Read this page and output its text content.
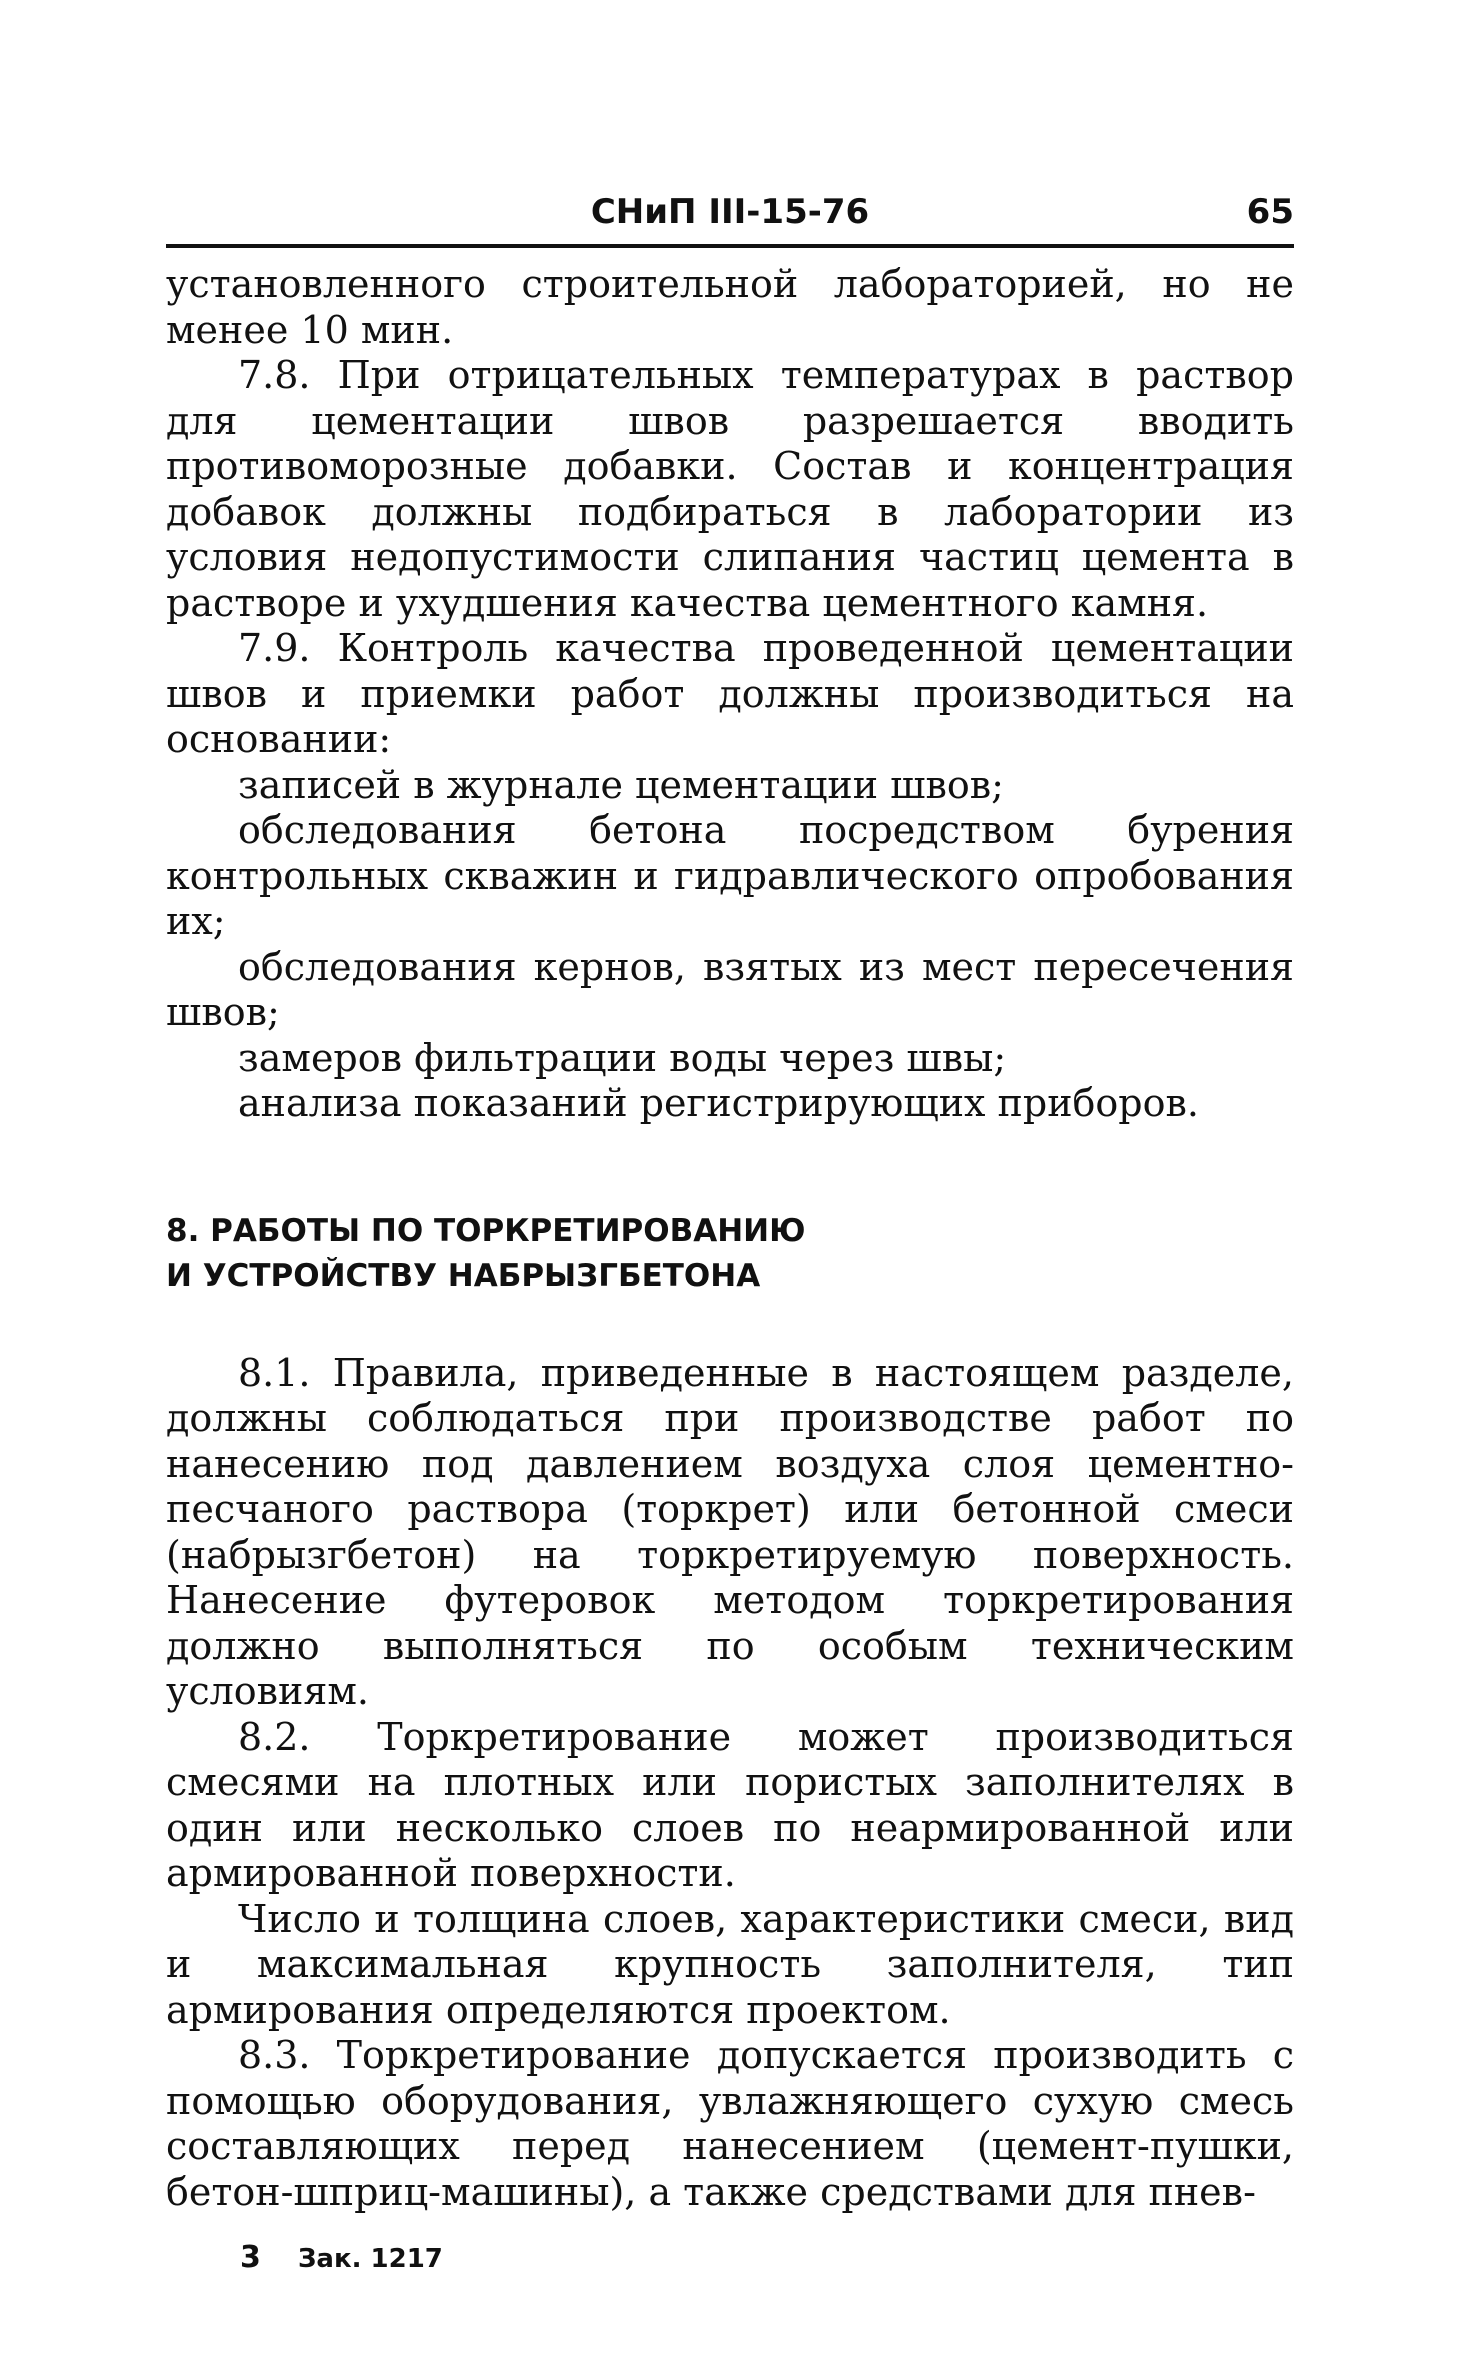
СНиП III-15-76	65

установленного строительной лабораторией, но не менее 10 мин.

7.8. При отрицательных температурах в раствор для цементации швов разрешается вводить противоморозные добавки. Состав и концентрация добавок должны подбираться в лаборатории из условия недопустимости слипания частиц цемента в растворе и ухудшения качества цементного камня.

7.9. Контроль качества проведенной цементации швов и приемки работ должны производиться на основании:

записей в журнале цементации швов;

обследования бетона посредством бурения контрольных скважин и гидравлического опробования их;

обследования кернов, взятых из мест пересечения швов;

замеров фильтрации воды через швы;

анализа показаний регистрирующих приборов.

8. РАБОТЫ ПО ТОРКРЕТИРОВАНИЮ
И УСТРОЙСТВУ НАБРЫЗГБЕТОНА

8.1. Правила, приведенные в настоящем разделе, должны соблюдаться при производстве работ по нанесению под давлением воздуха слоя цементно-песчаного раствора (торкрет) или бетонной смеси (набрызгбетон) на торкретируемую поверхность. Нанесение футеровок методом торкретирования должно выполняться по особым техническим условиям.

8.2. Торкретирование может производиться смесями на плотных или пористых заполнителях в один или несколько слоев по неармированной или армированной поверхности.

Число и толщина слоев, характеристики смеси, вид и максимальная крупность заполнителя, тип армирования определяются проектом.

8.3. Торкретирование допускается производить с помощью оборудования, увлажняющего сухую смесь составляющих перед нанесением (цемент-пушки, бетон-шприц-машины), а также средствами для пнев-

3 Зак. 1217
